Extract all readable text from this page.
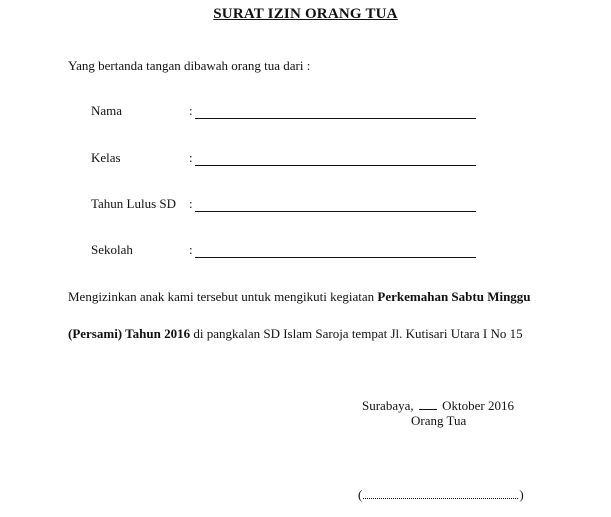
SURAT IZIN ORANG TUA
Yang bertanda tangan dibawah orang tua dari :
Nama	:
Kelas	:
Tahun Lulus SD :
Sekolah	:
Mengizinkan anak kami tersebut untuk mengikuti kegiatan Perkemahan Sabtu Minggu
(Persami) Tahun 2016 di pangkalan SD Islam Saroja tempat Jl. Kutisari Utara I No 15
Surabaya, Oktober 2016
Orang Tua
(	)
